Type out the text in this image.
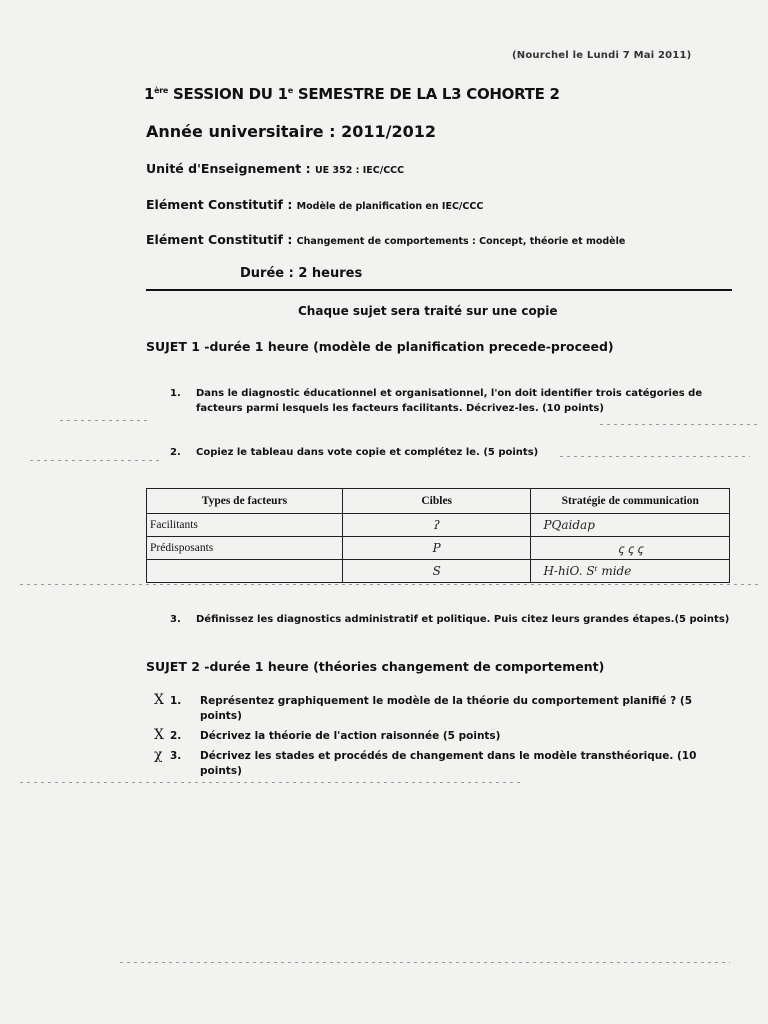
(Nourchel le Lundi 7 Mai 2011)
1ère SESSION DU 1e SEMESTRE DE LA L3 COHORTE 2
Année universitaire : 2011/2012
Unité d'Enseignement : UE 352 : IEC/CCC
Elément Constitutif : Modèle de planification en IEC/CCC
Elément Constitutif : Changement de comportements : Concept, théorie et modèle
Durée : 2 heures
Chaque sujet sera traité sur une copie
SUJET 1 -durée 1 heure (modèle de planification precede-proceed)
1. Dans le diagnostic éducationnel et organisationnel, l'on doit identifier trois catégories de facteurs parmi lesquels les facteurs facilitants. Décrivez-les. (10 points)
2. Copiez le tableau dans vote copie et complétez le. (5 points)
Types de facteurs	Cibles	Stratégie de communication
Facilitants	ʔ	PQaidap
Prédisposants	P	ꞔ ꞔ ꞔ
	S	H-hiO. Sᵗ mide
3. Définissez les diagnostics administratif et politique. Puis citez leurs grandes étapes.(5 points)
SUJET 2 -durée 1 heure (théories changement de comportement)
X 1. Représentez graphiquement le modèle de la théorie du comportement planifié ? (5 points)
X 2. Décrivez la théorie de l'action raisonnée (5 points)
χ 3. Décrivez les stades et procédés de changement dans le modèle transthéorique. (10 points)
